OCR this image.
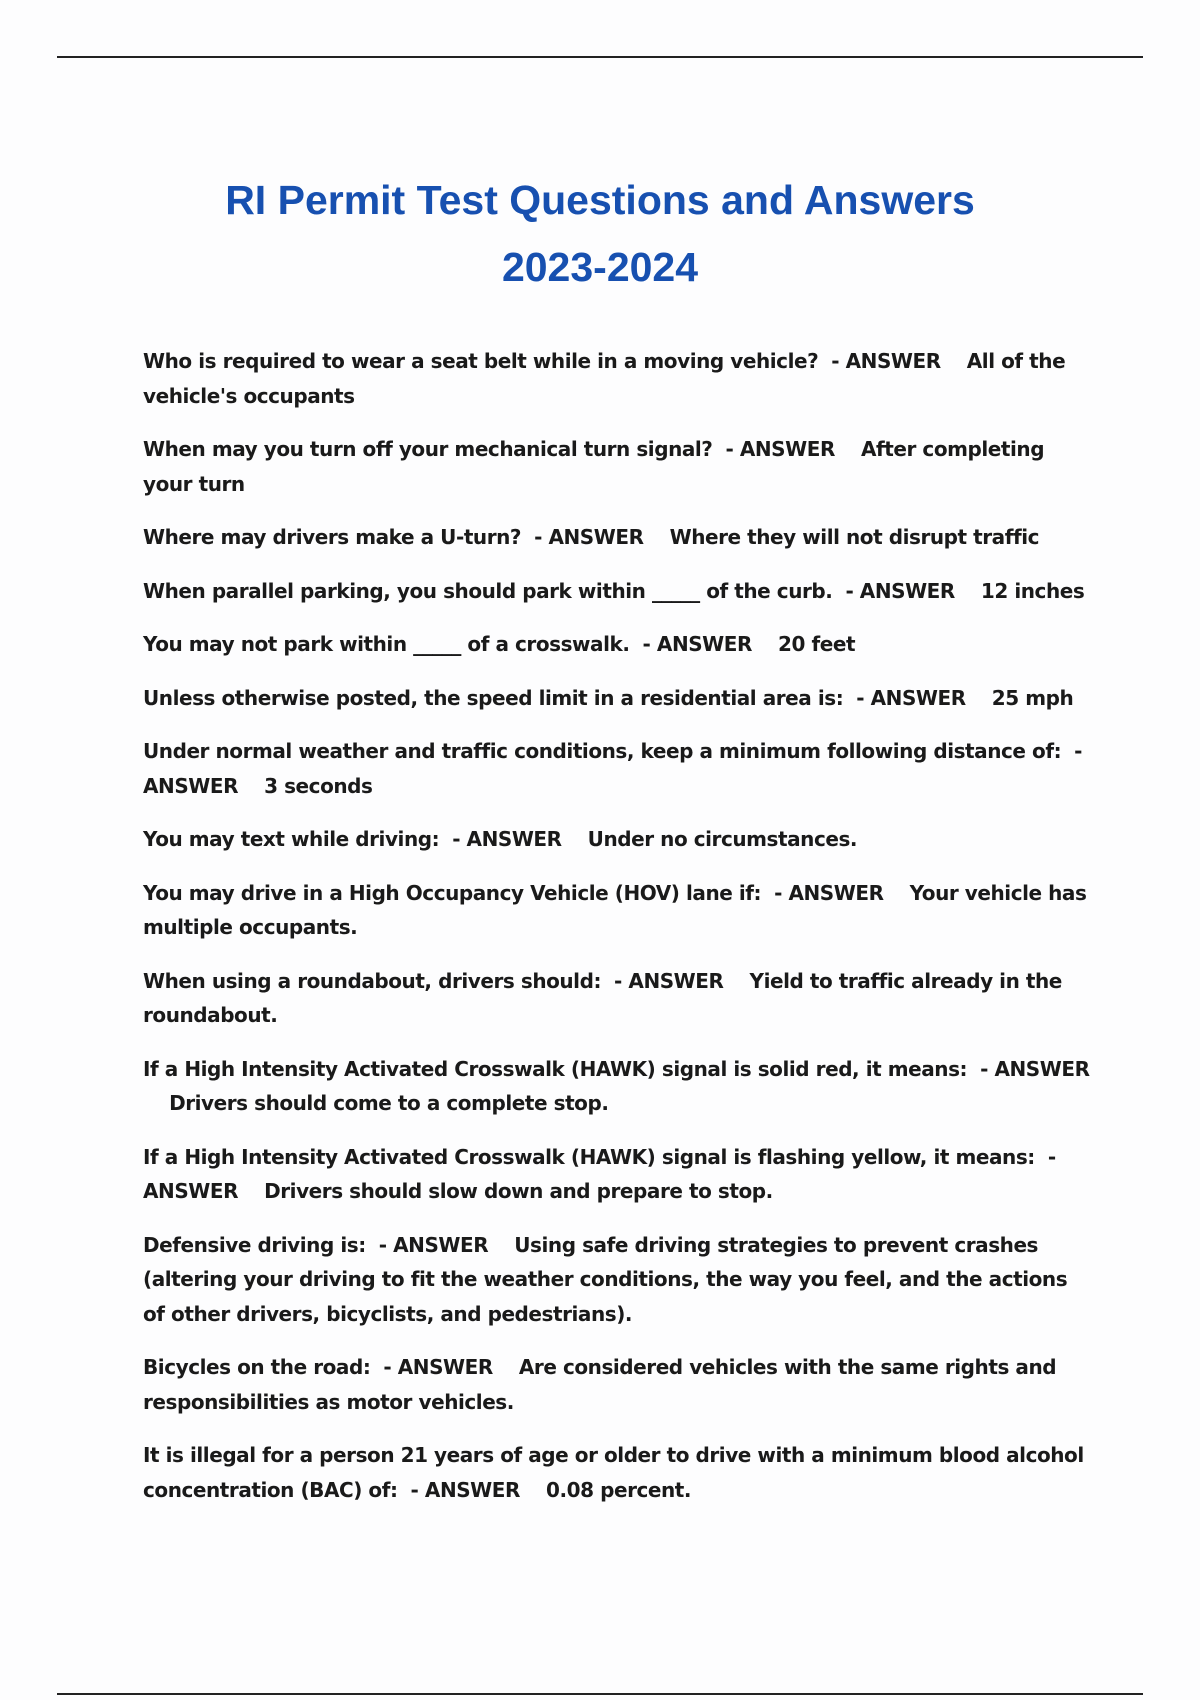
RI Permit Test Questions and Answers
2023-2024
Who is required to wear a seat belt while in a moving vehicle? - ANSWER All of the vehicle's occupants
When may you turn off your mechanical turn signal? - ANSWER After completing your turn
Where may drivers make a U-turn? - ANSWER Where they will not disrupt traffic
When parallel parking, you should park within _____ of the curb. - ANSWER 12 inches
You may not park within _____ of a crosswalk. - ANSWER 20 feet
Unless otherwise posted, the speed limit in a residential area is: - ANSWER 25 mph
Under normal weather and traffic conditions, keep a minimum following distance of: - ANSWER 3 seconds
You may text while driving: - ANSWER Under no circumstances.
You may drive in a High Occupancy Vehicle (HOV) lane if: - ANSWER Your vehicle has multiple occupants.
When using a roundabout, drivers should: - ANSWER Yield to traffic already in the roundabout.
If a High Intensity Activated Crosswalk (HAWK) signal is solid red, it means: - ANSWER    Drivers should come to a complete stop.
If a High Intensity Activated Crosswalk (HAWK) signal is flashing yellow, it means: - ANSWER Drivers should slow down and prepare to stop.
Defensive driving is: - ANSWER Using safe driving strategies to prevent crashes (altering your driving to fit the weather conditions, the way you feel, and the actions of other drivers, bicyclists, and pedestrians).
Bicycles on the road: - ANSWER Are considered vehicles with the same rights and responsibilities as motor vehicles.
It is illegal for a person 21 years of age or older to drive with a minimum blood alcohol concentration (BAC) of: - ANSWER 0.08 percent.
